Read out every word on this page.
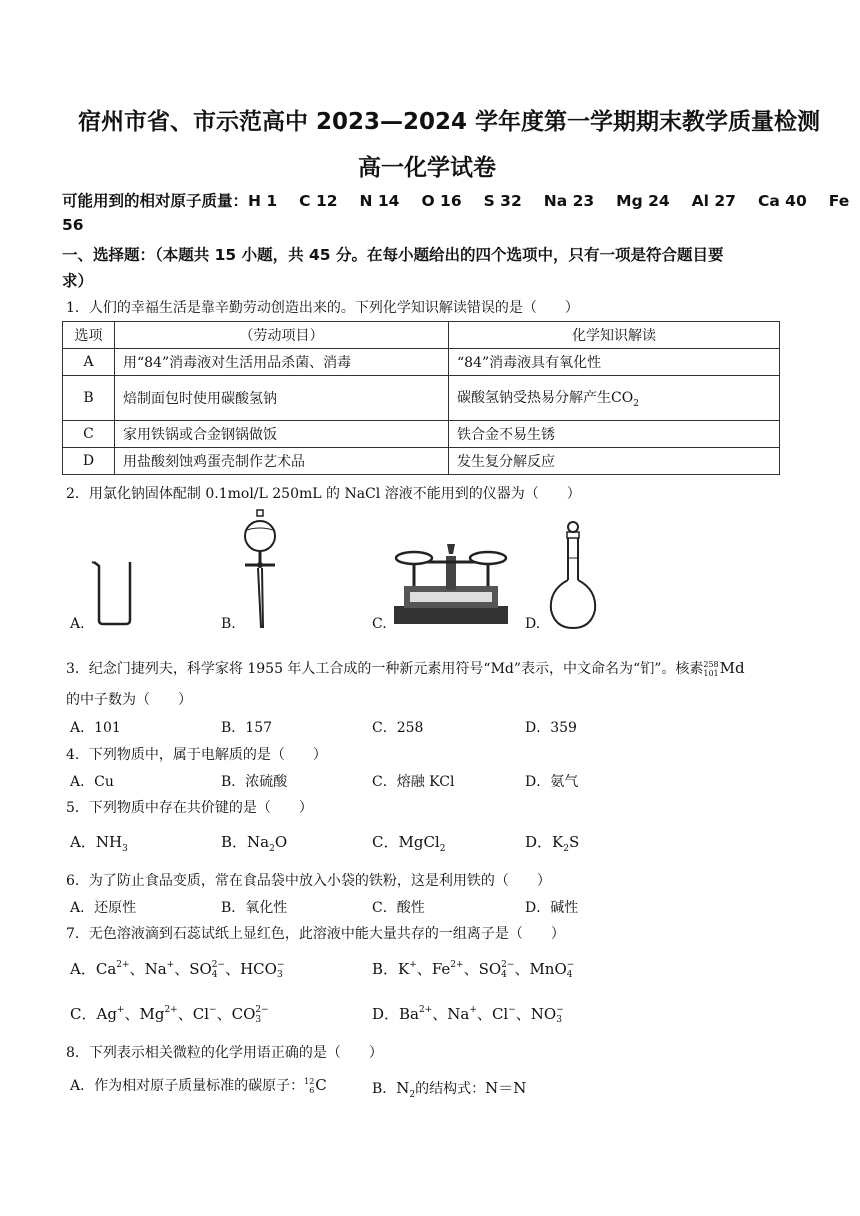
宿州市省、市示范高中 2023—2024 学年度第一学期期末教学质量检测
高一化学试卷
可能用到的相对原子质量：H 1 C 12 N 14 O 16 S 32 Na 23 Mg 24 Al 27 Ca 40 Fe
56
一、选择题：（本题共 15 小题，共 45 分。在每小题给出的四个选项中，只有一项是符合题目要
求）
1．人们的幸福生活是靠辛勤劳动创造出来的。下列化学知识解读错误的是（　　）
选项	（劳动项目）	化学知识解读
A	用“84”消毒液对生活用品杀菌、消毒	“84”消毒液具有氧化性
B	焙制面包时使用碳酸氢钠	碳酸氢钠受热易分解产生$CO_2$
C	家用铁锅或合金钢锅做饭	铁合金不易生锈
D	用盐酸刻蚀鸡蛋壳制作艺术品	发生复分解反应
2．用氯化钠固体配制 0.1mol/L 250mL 的 NaCl 溶液不能用到的仪器为（　　）
A.	B.	C.	D.
3．纪念门捷列夫，科学家将 1955 年人工合成的一种新元素用符号“Md”表示，中文命名为“钔”。核素258
101Md
的中子数为（　　）
A．101	B．157	C．258	D．359
4．下列物质中，属于电解质的是（　　）
A．Cu	B．浓硫酸	C．熔融 KCl	D．氨气
5．下列物质中存在共价键的是（　　）
A．$NH_3$	B．$Na_2O$	C．MgCl$_2$	D．$K_2S$
6．为了防止食品变质，常在食品袋中放入小袋的铁粉，这是利用铁的（　　）
A．还原性	B．氧化性	C．酸性	D．碱性
7．无色溶液滴到石蕊试纸上显红色，此溶液中能大量共存的一组离子是（　　）
A．Ca2+
、Na+
、SO2−
4 、HCO−
3	B．K+
、Fe2+
、SO2−
4 、MnO−
4
C．Ag+
、Mg2+
、Cl−
、CO2−
3	D．Ba2+
、Na+
、Cl−
、NO−
3
8．下列表示相关微粒的化学用语正确的是（　　）
A．作为相对原子质量标准的碳原子：12
6C	B．$N_2$的结构式：N＝N
